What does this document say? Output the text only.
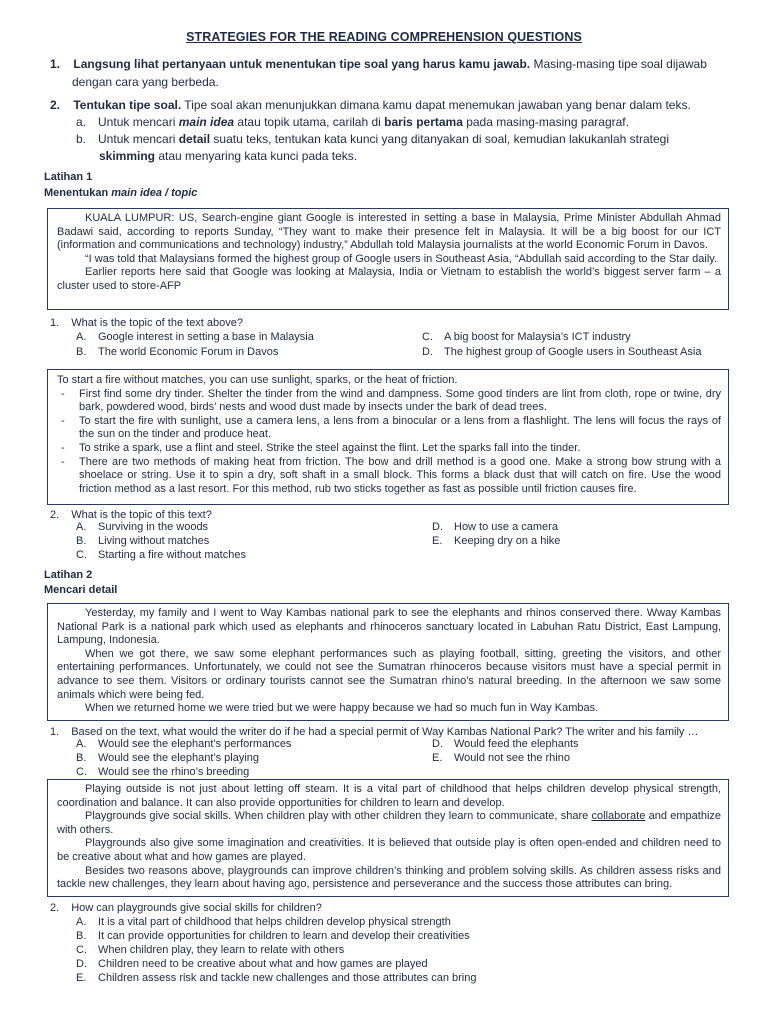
STRATEGIES FOR THE READING COMPREHENSION QUESTIONS
1. Langsung lihat pertanyaan untuk menentukan tipe soal yang harus kamu jawab. Masing-masing tipe soal dijawab
dengan cara yang berbeda.
2. Tentukan tipe soal. Tipe soal akan menunjukkan dimana kamu dapat menemukan jawaban yang benar dalam teks.
a. Untuk mencari main idea atau topik utama, carilah di baris pertama pada masing-masing paragraf.
b. Untuk mencari detail suatu teks, tentukan kata kunci yang ditanyakan di soal, kemudian lakukanlah strategi
skimming atau menyaring kata kunci pada teks.
Latihan 1
Menentukan main idea / topic

KUALA LUMPUR: US, Search-engine giant Google is interested in setting a base in Malaysia, Prime Minister Abdullah Ahmad Badawi said, according to reports Sunday, “They want to make their presence felt in Malaysia. It will be a big boost for our ICT (information and communications and technology) industry,” Abdullah told Malaysia journalists at the world Economic Forum in Davos.

“I was told that Malaysians formed the highest group of Google users in Southeast Asia, “Abdullah said according to the Star daily.

Earlier reports here said that Google was looking at Malaysia, India or Vietnam to establish the world’s biggest server farm – a cluster used to store-AFP

1. What is the topic of the text above?
A.	Google interest in setting a base in Malaysia
B.	The world Economic Forum in Davos
C.	A big boost for Malaysia’s ICT industry
D.	The highest group of Google users in Southeast Asia

To start a fire without matches, you can use sunlight, sparks, or the heat of friction.

-	First find some dry tinder. Shelter the tinder from the wind and dampness. Some good tinders are lint from cloth, rope or twine, dry bark, powdered wood, birds’ nests and wood dust made by insects under the bark of dead trees.
-	To start the fire with sunlight, use a camera lens, a lens from a binocular or a lens from a flashlight. The lens will focus the rays of the sun on the tinder and produce heat.
-	To strike a spark, use a flint and steel. Strike the steel against the flint. Let the sparks fall into the tinder.
-	There are two methods of making heat from friction. The bow and drill method is a good one. Make a strong bow strung with a shoelace or string. Use it to spin a dry, soft shaft in a small block. This forms a black dust that will catch on fire. Use the wood friction method as a last resort. For this method, rub two sticks together as fast as possible until friction causes fire.
2. What is the topic of this text?
A.	Surviving in the woods
B.	Living without matches
C.	Starting a fire without matches
D.	How to use a camera
E.	Keeping dry on a hike
Latihan 2
Mencari detail

Yesterday, my family and I went to Way Kambas national park to see the elephants and rhinos conserved there. Wway Kambas National Park is a national park which used as elephants and rhinoceros sanctuary located in Labuhan Ratu District, East Lampung, Lampung, Indonesia.

When we got there, we saw some elephant performances such as playing football, sitting, greeting the visitors, and other entertaining performances. Unfortunately, we could not see the Sumatran rhinoceros because visitors must have a special permit in advance to see them. Visitors or ordinary tourists cannot see the Sumatran rhino’s natural breeding. In the afternoon we saw some animals which were being fed.

When we returned home we were tried but we were happy because we had so much fun in Way Kambas.

1. Based on the text, what would the writer do if he had a special permit of Way Kambas National Park? The writer and his family …
A.	Would see the elephant’s performances
B.	Would see the elephant’s playing
C.	Would see the rhino’s breeding
D.	Would feed the elephants
E.	Would not see the rhino

Playing outside is not just about letting off steam. It is a vital part of childhood that helps children develop physical strength, coordination and balance. It can also provide opportunities for children to learn and develop.

Playgrounds give social skills. When children play with other children they learn to communicate, share collaborate and empathize with others.

Playgrounds also give some imagination and creativities. It is believed that outside play is often open-ended and children need to be creative about what and how games are played.

Besides two reasons above, playgrounds can improve children’s thinking and problem solving skills. As children assess risks and tackle new challenges, they learn about having ago, persistence and perseverance and the success those attributes can bring.

2. How can playgrounds give social skills for children?
A.	It is a vital part of childhood that helps children develop physical strength
B.	It can provide opportunities for children to learn and develop their creativities
C.	When children play, they learn to relate with others
D.	Children need to be creative about what and how games are played
E.	Children assess risk and tackle new challenges and those attributes can bring
